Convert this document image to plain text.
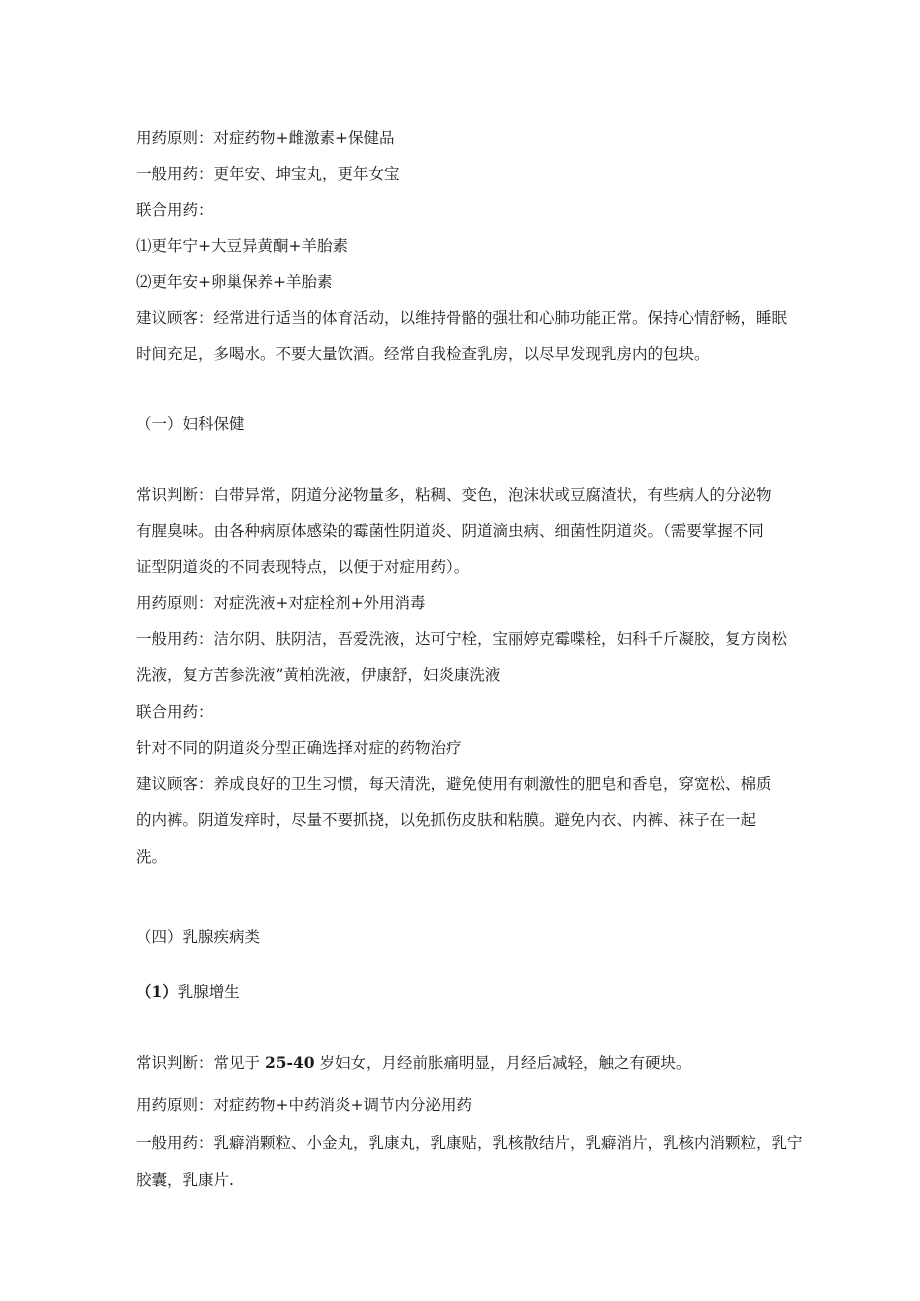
用药原则：对症药物+雌激素+保健品
一般用药：更年安、坤宝丸，更年女宝
联合用药：
⑴更年宁+大豆异黄酮+羊胎素
⑵更年安+卵巢保养+羊胎素
建议顾客：经常进行适当的体育活动，以维持骨骼的强壮和心肺功能正常。保持心情舒畅，睡眠
时间充足，多喝水。不要大量饮酒。经常自我检查乳房，以尽早发现乳房内的包块。
（一）妇科保健
常识判断：白带异常，阴道分泌物量多，粘稠、变色，泡沫状或豆腐渣状，有些病人的分泌物
有腥臭味。由各种病原体感染的霉菌性阴道炎、阴道滴虫病、细菌性阴道炎。（需要掌握不同
证型阴道炎的不同表现特点，以便于对症用药）。
用药原则：对症洗液+对症栓剂+外用消毒
一般用药：洁尔阴、肤阴洁，吾爱洗液，达可宁栓，宝丽婷克霉喋栓，妇科千斤凝胶，复方岗松
洗液，复方苦参洗液”黄柏洗液，伊康舒，妇炎康洗液
联合用药：
针对不同的阴道炎分型正确选择对症的药物治疗
建议顾客：养成良好的卫生习惯，每天清洗，避免使用有刺激性的肥皂和香皂，穿宽松、棉质
的内裤。阴道发痒时，尽量不要抓挠，以免抓伤皮肤和粘膜。避免内衣、内裤、袜子在一起
洗。
（四）乳腺疾病类
（1）乳腺增生
常识判断：常见于 25-40 岁妇女，月经前胀痛明显，月经后减轻，触之有硬块。
用药原则：对症药物+中药消炎+调节内分泌用药
一般用药：乳癖消颗粒、小金丸，乳康丸，乳康贴，乳核散结片，乳癖消片，乳核内消颗粒，乳宁
胶囊，乳康片.
